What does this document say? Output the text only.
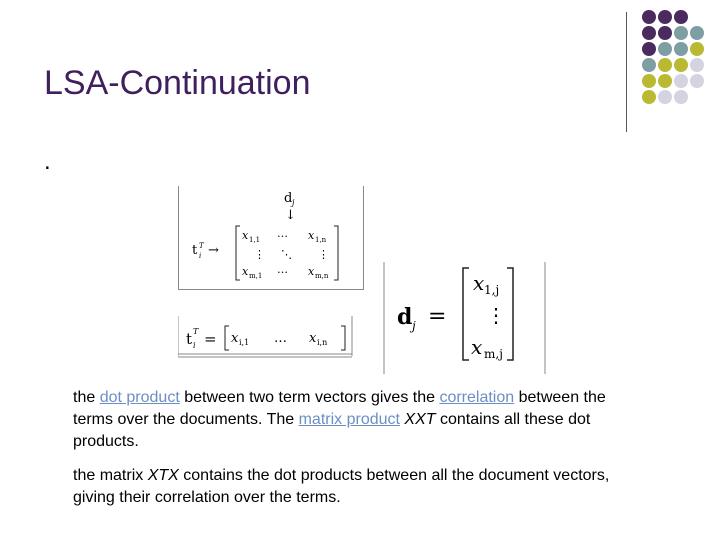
LSA-Continuation
.
d j
↓
t T
i →
x 1,1 … x 1,n
⋮ ⋱ ⋮
x m,1 … x m,n
t T
i = x i,1 … x i,n
d j =
x 1,j
⋮
x m,j

the dot product between two term vectors gives the correlation between the terms over the documents. The matrix product XXT contains all these dot products.

the matrix XTX contains the dot products between all the document vectors, giving their correlation over the terms.
